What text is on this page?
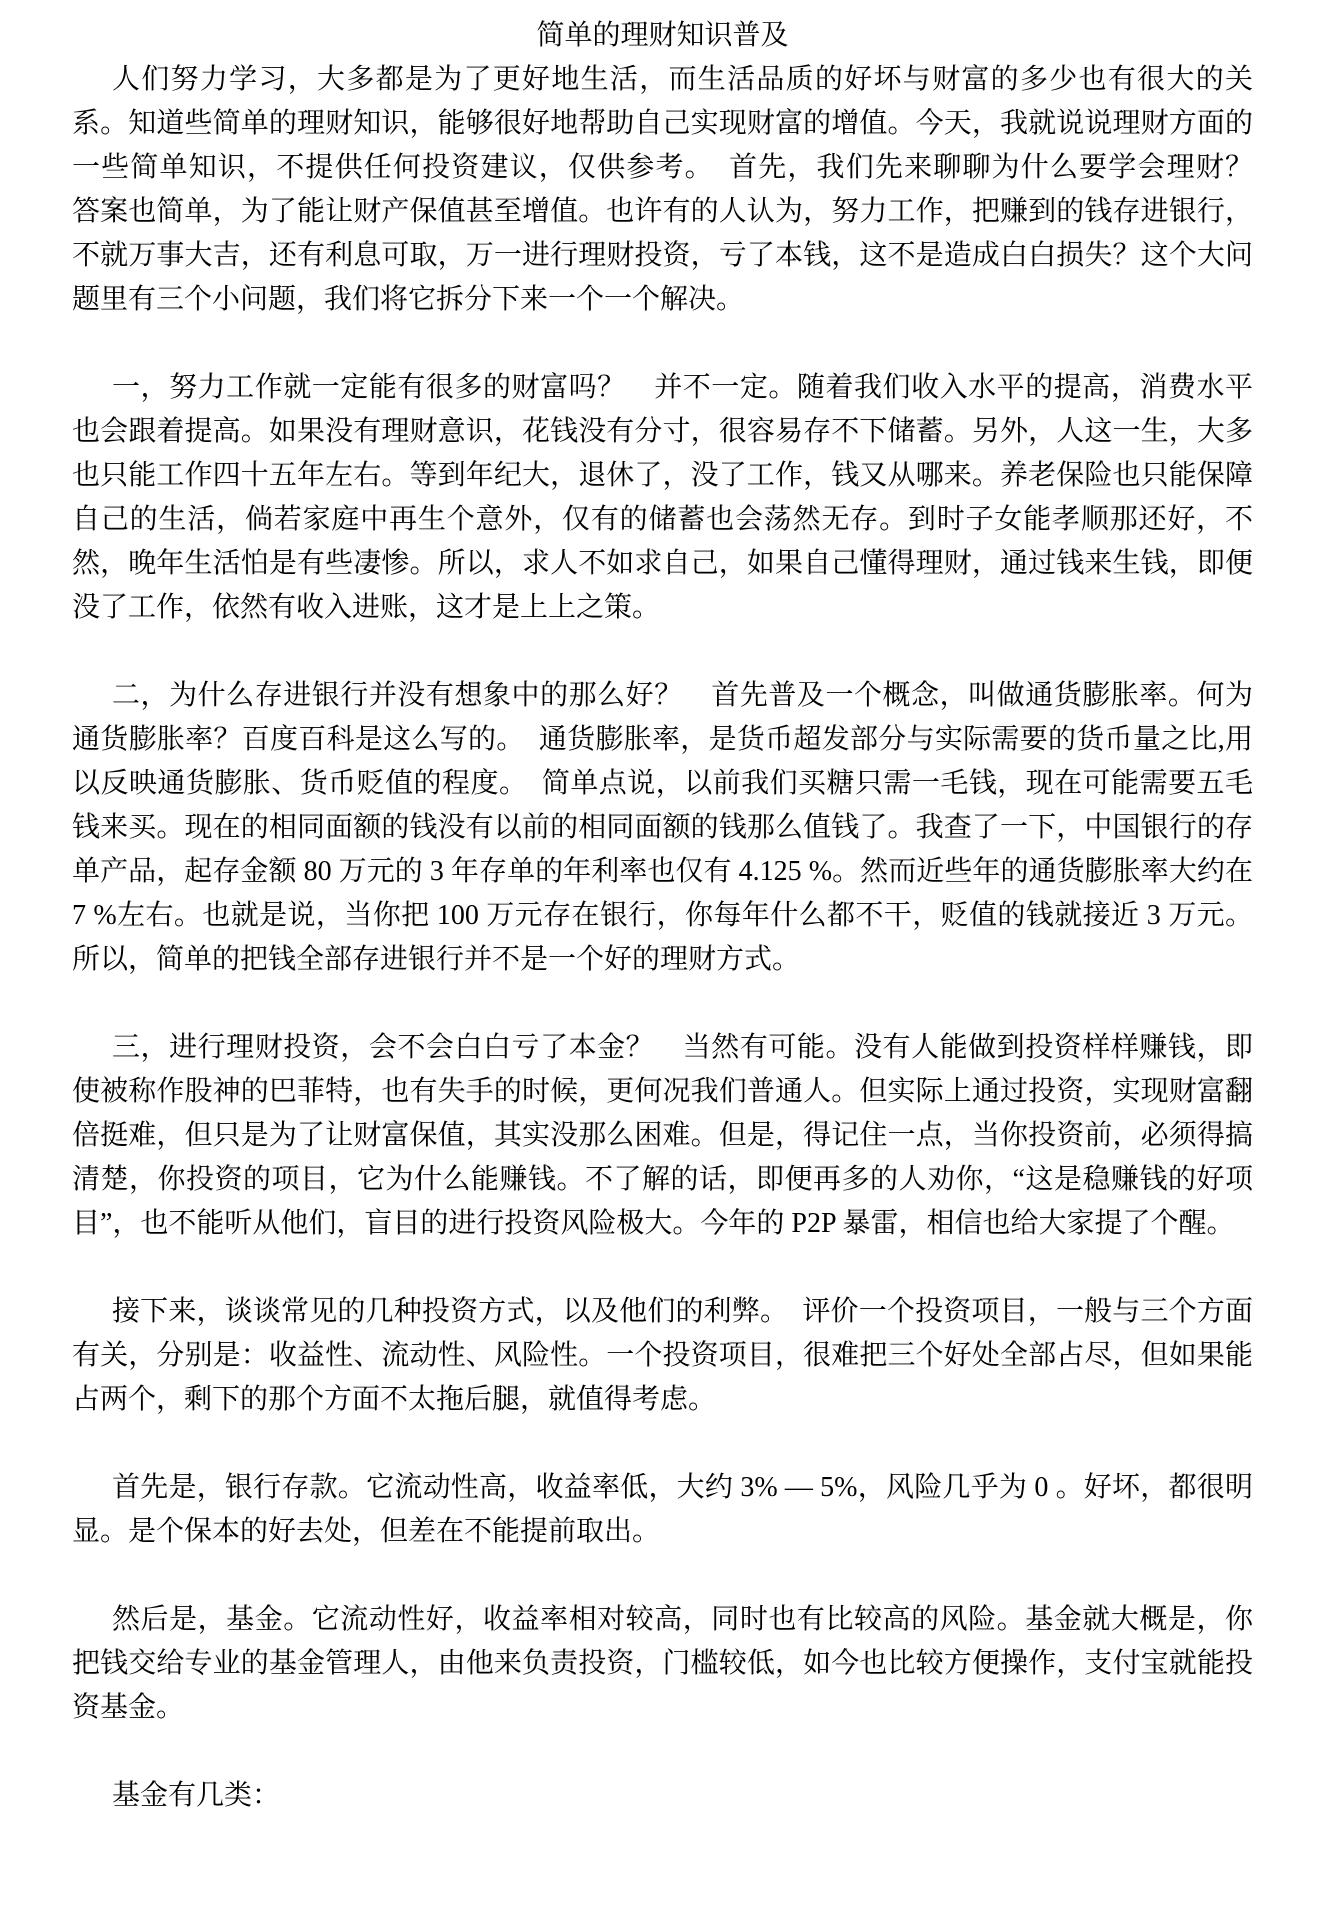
简单的理财知识普及

人们努力学习，大多都是为了更好地生活，而生活品质的好坏与财富的多少也有很大的关系。知道些简单的理财知识，能够很好地帮助自己实现财富的增值。今天，我就说说理财方面的一些简单知识，不提供任何投资建议，仅供参考。　首先，我们先来聊聊为什么要学会理财？　答案也简单，为了能让财产保值甚至增值。也许有的人认为，努力工作，把赚到的钱存进银行，不就万事大吉，还有利息可取，万一进行理财投资，亏了本钱，这不是造成白白损失？这个大问题里有三个小问题，我们将它拆分下来一个一个解决。

一，努力工作就一定能有很多的财富吗？　并不一定。随着我们收入水平的提高，消费水平也会跟着提高。如果没有理财意识，花钱没有分寸，很容易存不下储蓄。另外，人这一生，大多也只能工作四十五年左右。等到年纪大，退休了，没了工作，钱又从哪来。养老保险也只能保障自己的生活，倘若家庭中再生个意外，仅有的储蓄也会荡然无存。到时子女能孝顺那还好，不然，晚年生活怕是有些凄惨。所以，求人不如求自己，如果自己懂得理财，通过钱来生钱，即便没了工作，依然有收入进账，这才是上上之策。

二，为什么存进银行并没有想象中的那么好？　首先普及一个概念，叫做通货膨胀率。何为通货膨胀率？百度百科是这么写的。　通货膨胀率，是货币超发部分与实际需要的货币量之比,用以反映通货膨胀、货币贬值的程度。　简单点说，以前我们买糖只需一毛钱，现在可能需要五毛钱来买。现在的相同面额的钱没有以前的相同面额的钱那么值钱了。我查了一下，中国银行的存单产品，起存金额 80 万元的 3 年存单的年利率也仅有 4.125 %。然而近些年的通货膨胀率大约在 7 %左右。也就是说，当你把 100 万元存在银行，你每年什么都不干，贬值的钱就接近 3 万元。所以，简单的把钱全部存进银行并不是一个好的理财方式。

三，进行理财投资，会不会白白亏了本金？　当然有可能。没有人能做到投资样样赚钱，即使被称作股神的巴菲特，也有失手的时候，更何况我们普通人。但实际上通过投资，实现财富翻倍挺难，但只是为了让财富保值，其实没那么困难。但是，得记住一点，当你投资前，必须得搞清楚，你投资的项目，它为什么能赚钱。不了解的话，即便再多的人劝你，“这是稳赚钱的好项目”，也不能听从他们，盲目的进行投资风险极大。今年的 P2P 暴雷，相信也给大家提了个醒。

接下来，谈谈常见的几种投资方式，以及他们的利弊。　评价一个投资项目，一般与三个方面有关，分别是：收益性、流动性、风险性。一个投资项目，很难把三个好处全部占尽，但如果能占两个，剩下的那个方面不太拖后腿，就值得考虑。

首先是，银行存款。它流动性高，收益率低，大约 3% — 5%，风险几乎为 0 。好坏，都很明显。是个保本的好去处，但差在不能提前取出。

然后是，基金。它流动性好，收益率相对较高，同时也有比较高的风险。基金就大概是，你把钱交给专业的基金管理人，由他来负责投资，门槛较低，如今也比较方便操作，支付宝就能投资基金。

基金有几类：
